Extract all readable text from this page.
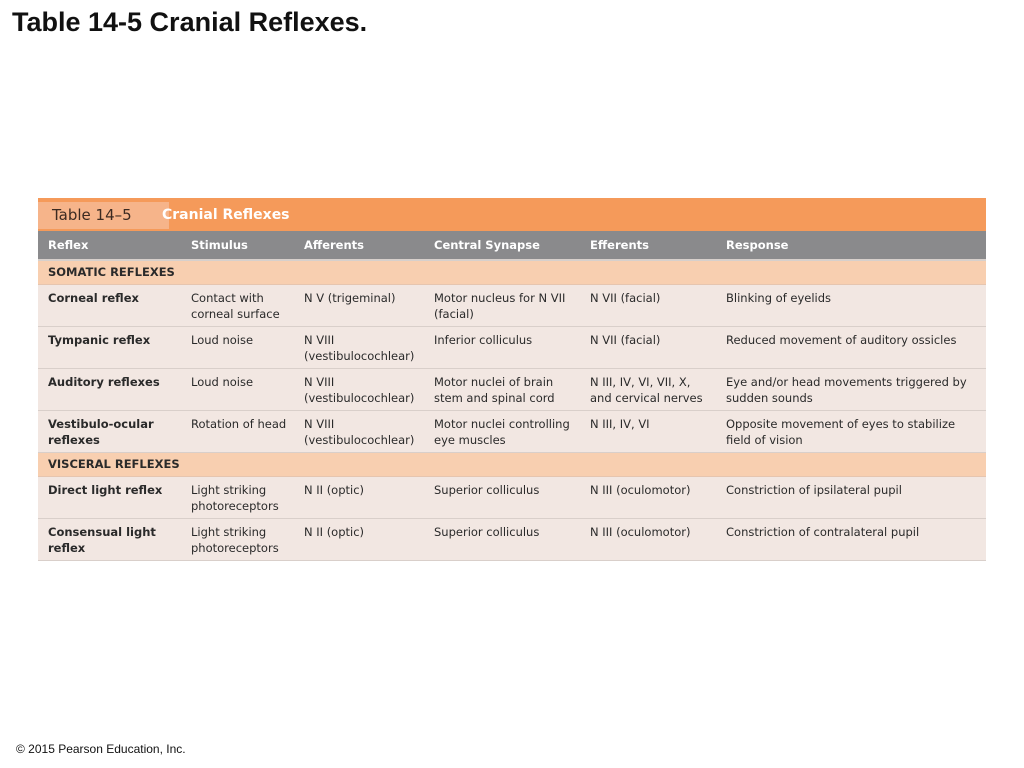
Table 14-5 Cranial Reflexes.
Table 14–5	Cranial Reflexes
Reflex	Stimulus	Afferents	Central Synapse	Efferents	Response
SOMATIC REFLEXES					
Corneal reflex	Contact with corneal surface	N V (trigeminal)	Motor nucleus for N VII (facial)	N VII (facial)	Blinking of eyelids
Tympanic reflex	Loud noise	N VIII (vestibulocochlear)	Inferior colliculus	N VII (facial)	Reduced movement of auditory ossicles
Auditory reflexes	Loud noise	N VIII (vestibulocochlear)	Motor nuclei of brain stem and spinal cord	N III, IV, VI, VII, X, and cervical nerves	Eye and/or head movements triggered by sudden sounds
Vestibulo-ocular reflexes	Rotation of head	N VIII (vestibulocochlear)	Motor nuclei controlling eye muscles	N III, IV, VI	Opposite movement of eyes to stabilize field of vision
VISCERAL REFLEXES					
Direct light reflex	Light striking photoreceptors	N II (optic)	Superior colliculus	N III (oculomotor)	Constriction of ipsilateral pupil
Consensual light reflex	Light striking photoreceptors	N II (optic)	Superior colliculus	N III (oculomotor)	Constriction of contralateral pupil
© 2015 Pearson Education, Inc.
